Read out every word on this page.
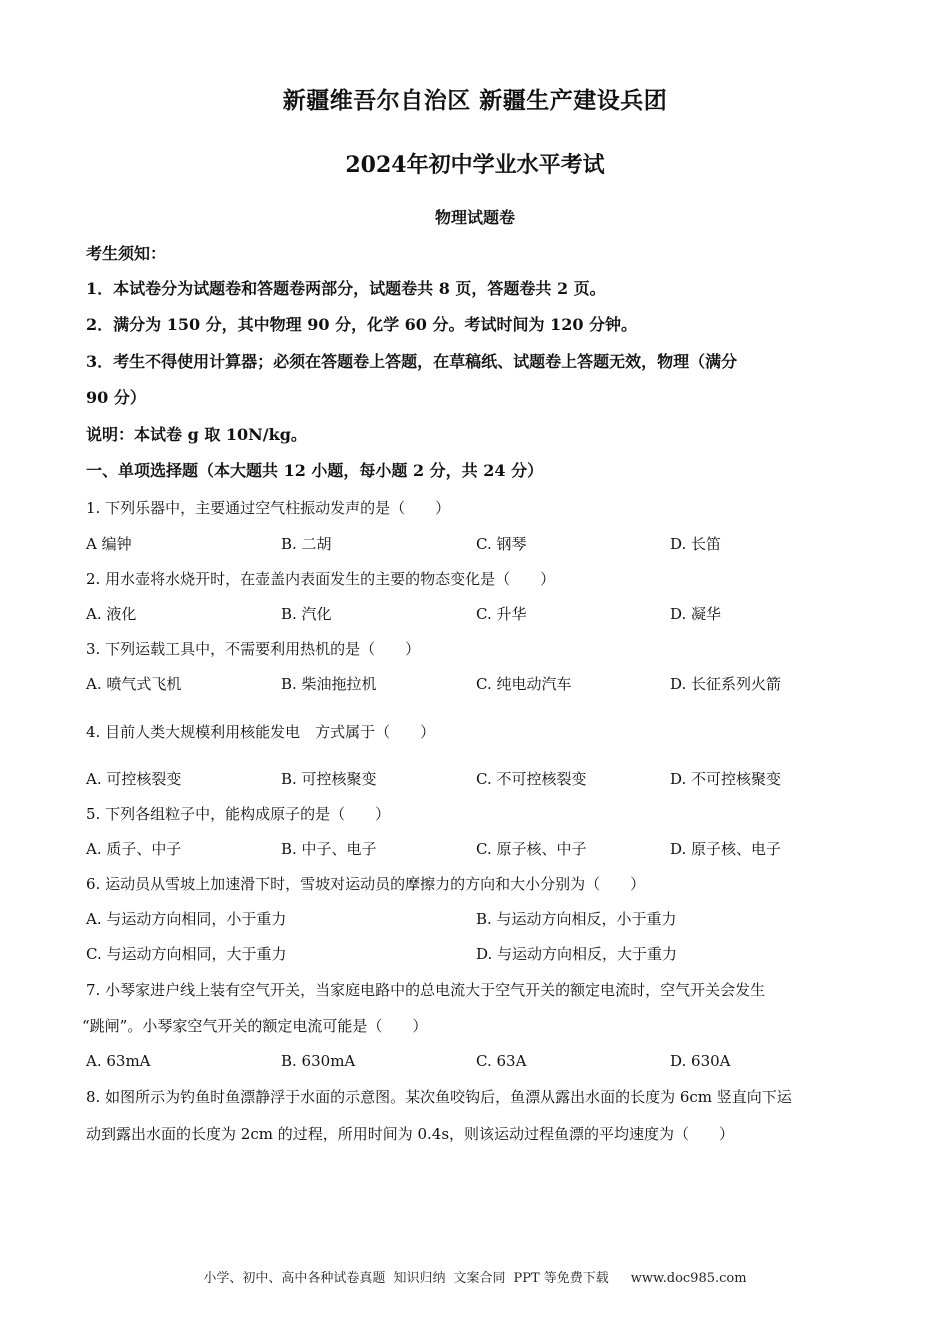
新疆维吾尔自治区 新疆生产建设兵团
2024年初中学业水平考试
物理试题卷
考生须知：
1．本试卷分为试题卷和答题卷两部分，试题卷共 8 页，答题卷共 2 页。
2．满分为 150 分，其中物理 90 分，化学 60 分。考试时间为 120 分钟。
3．考生不得使用计算器；必须在答题卷上答题，在草稿纸、试题卷上答题无效，物理（满分
90 分）
说明：本试卷 g 取 10N/kg。
一、单项选择题（本大题共 12 小题，每小题 2 分，共 24 分）
1. 下列乐器中，主要通过空气柱振动发声的是（　　）
A 编钟	B. 二胡	C. 钢琴	D. 长笛
2. 用水壶将水烧开时，在壶盖内表面发生的主要的物态变化是（　　）
A. 液化	B. 汽化	C. 升华	D. 凝华
3. 下列运载工具中，不需要利用热机的是（　　）
A. 喷气式飞机	B. 柴油拖拉机	C. 纯电动汽车	D. 长征系列火箭
4. 目前人类大规模利用核能发电　方式属于（　　）
A. 可控核裂变	B. 可控核聚变	C. 不可控核裂变	D. 不可控核聚变
5. 下列各组粒子中，能构成原子的是（　　）
A. 质子、中子	B. 中子、电子	C. 原子核、中子	D. 原子核、电子
6. 运动员从雪坡上加速滑下时，雪坡对运动员的摩擦力的方向和大小分别为（　　）
A. 与运动方向相同，小于重力	B. 与运动方向相反，小于重力
C. 与运动方向相同，大于重力	D. 与运动方向相反，大于重力
7. 小琴家进户线上装有空气开关，当家庭电路中的总电流大于空气开关的额定电流时，空气开关会发生
“跳闸”。小琴家空气开关的额定电流可能是（　　）
A. 63mA	B. 630mA	C. 63A	D. 630A
8. 如图所示为钓鱼时鱼漂静浮于水面的示意图。某次鱼咬钩后，鱼漂从露出水面的长度为 6cm 竖直向下运
动到露出水面的长度为 2cm 的过程，所用时间为 0.4s，则该运动过程鱼漂的平均速度为（　　）
小学、初中、高中各种试卷真题 知识归纳 文案合同 PPT 等免费下载 www.doc985.com
